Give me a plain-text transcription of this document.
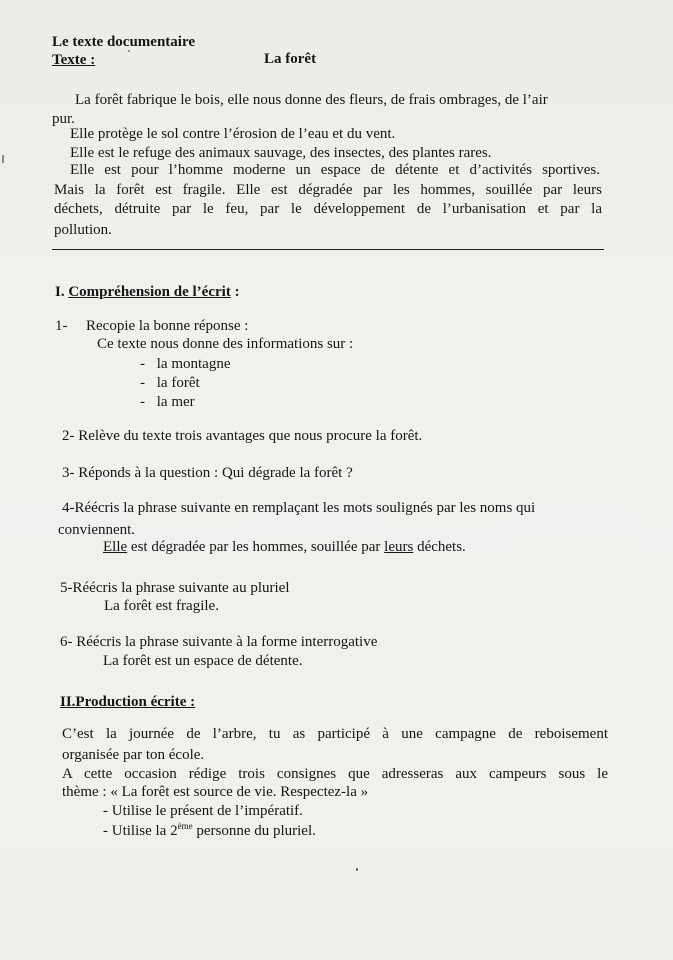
Le texte documentaire
Texte :	La forêt
La forêt fabrique le bois, elle nous donne des fleurs, de frais ombrages, de l’air
pur.
Elle protège le sol contre l’érosion de l’eau et du vent.
Elle est le refuge des animaux sauvage, des insectes, des plantes rares.
Elle est pour l’homme moderne un espace de détente et d’activités sportives.
Mais la forêt est fragile. Elle est dégradée par les hommes, souillée par leurs
déchets, détruite par le feu, par le développement de l’urbanisation et par la
pollution.
I. Compréhension de l’écrit :
1- Recopie la bonne réponse :
Ce texte nous donne des informations sur :
- la montagne
- la forêt
- la mer
2- Relève du texte trois avantages que nous procure la forêt.
3- Réponds à la question : Qui dégrade la forêt ?
4-Réécris la phrase suivante en remplaçant les mots soulignés par les noms qui
conviennent.
Elle est dégradée par les hommes, souillée par leurs déchets.
5-Réécris la phrase suivante au pluriel
La forêt est fragile.
6- Réécris la phrase suivante à la forme interrogative
La forêt est un espace de détente.
II.Production écrite :
C’est la journée de l’arbre, tu as participé à une campagne de reboisement
organisée par ton école.
A cette occasion rédige trois consignes que adresseras aux campeurs sous le
thème : « La forêt est source de vie. Respectez-la »
- Utilise le présent de l’impératif.
- Utilise la 2ème personne du pluriel.
